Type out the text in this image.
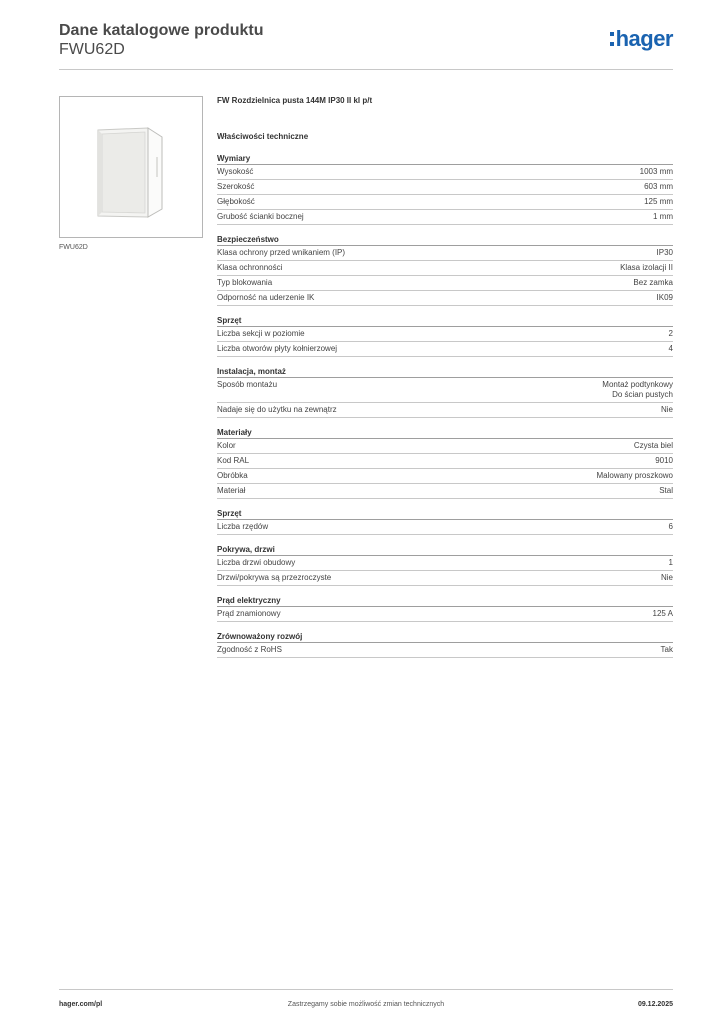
Dane katalogowe produktu
FWU62D	hager
FWU62D
FW Rozdzielnica pusta 144M IP30 II kl p/t
Właściwości techniczne
Wymiary
Wysokość	1003 mm
Szerokość	603 mm
Głębokość	125 mm
Grubość ścianki bocznej	1 mm
Bezpieczeństwo
Klasa ochrony przed wnikaniem (IP)	IP30
Klasa ochronności	Klasa izolacji II
Typ blokowania	Bez zamka
Odporność na uderzenie IK	IK09
Sprzęt
Liczba sekcji w poziomie	2
Liczba otworów płyty kołnierzowej	4
Instalacja, montaż
Sposób montażu	Montaż podtynkowy
Do ścian pustych
Nadaje się do użytku na zewnątrz	Nie
Materiały
Kolor	Czysta biel
Kod RAL	9010
Obróbka	Malowany proszkowo
Materiał	Stal
Sprzęt
Liczba rzędów	6
Pokrywa, drzwi
Liczba drzwi obudowy	1
Drzwi/pokrywa są przezroczyste	Nie
Prąd elektryczny
Prąd znamionowy	125 A
Zrównoważony rozwój
Zgodność z RoHS	Tak
hager.com/pl	Zastrzegamy sobie możliwość zmian technicznych	09.12.2025
